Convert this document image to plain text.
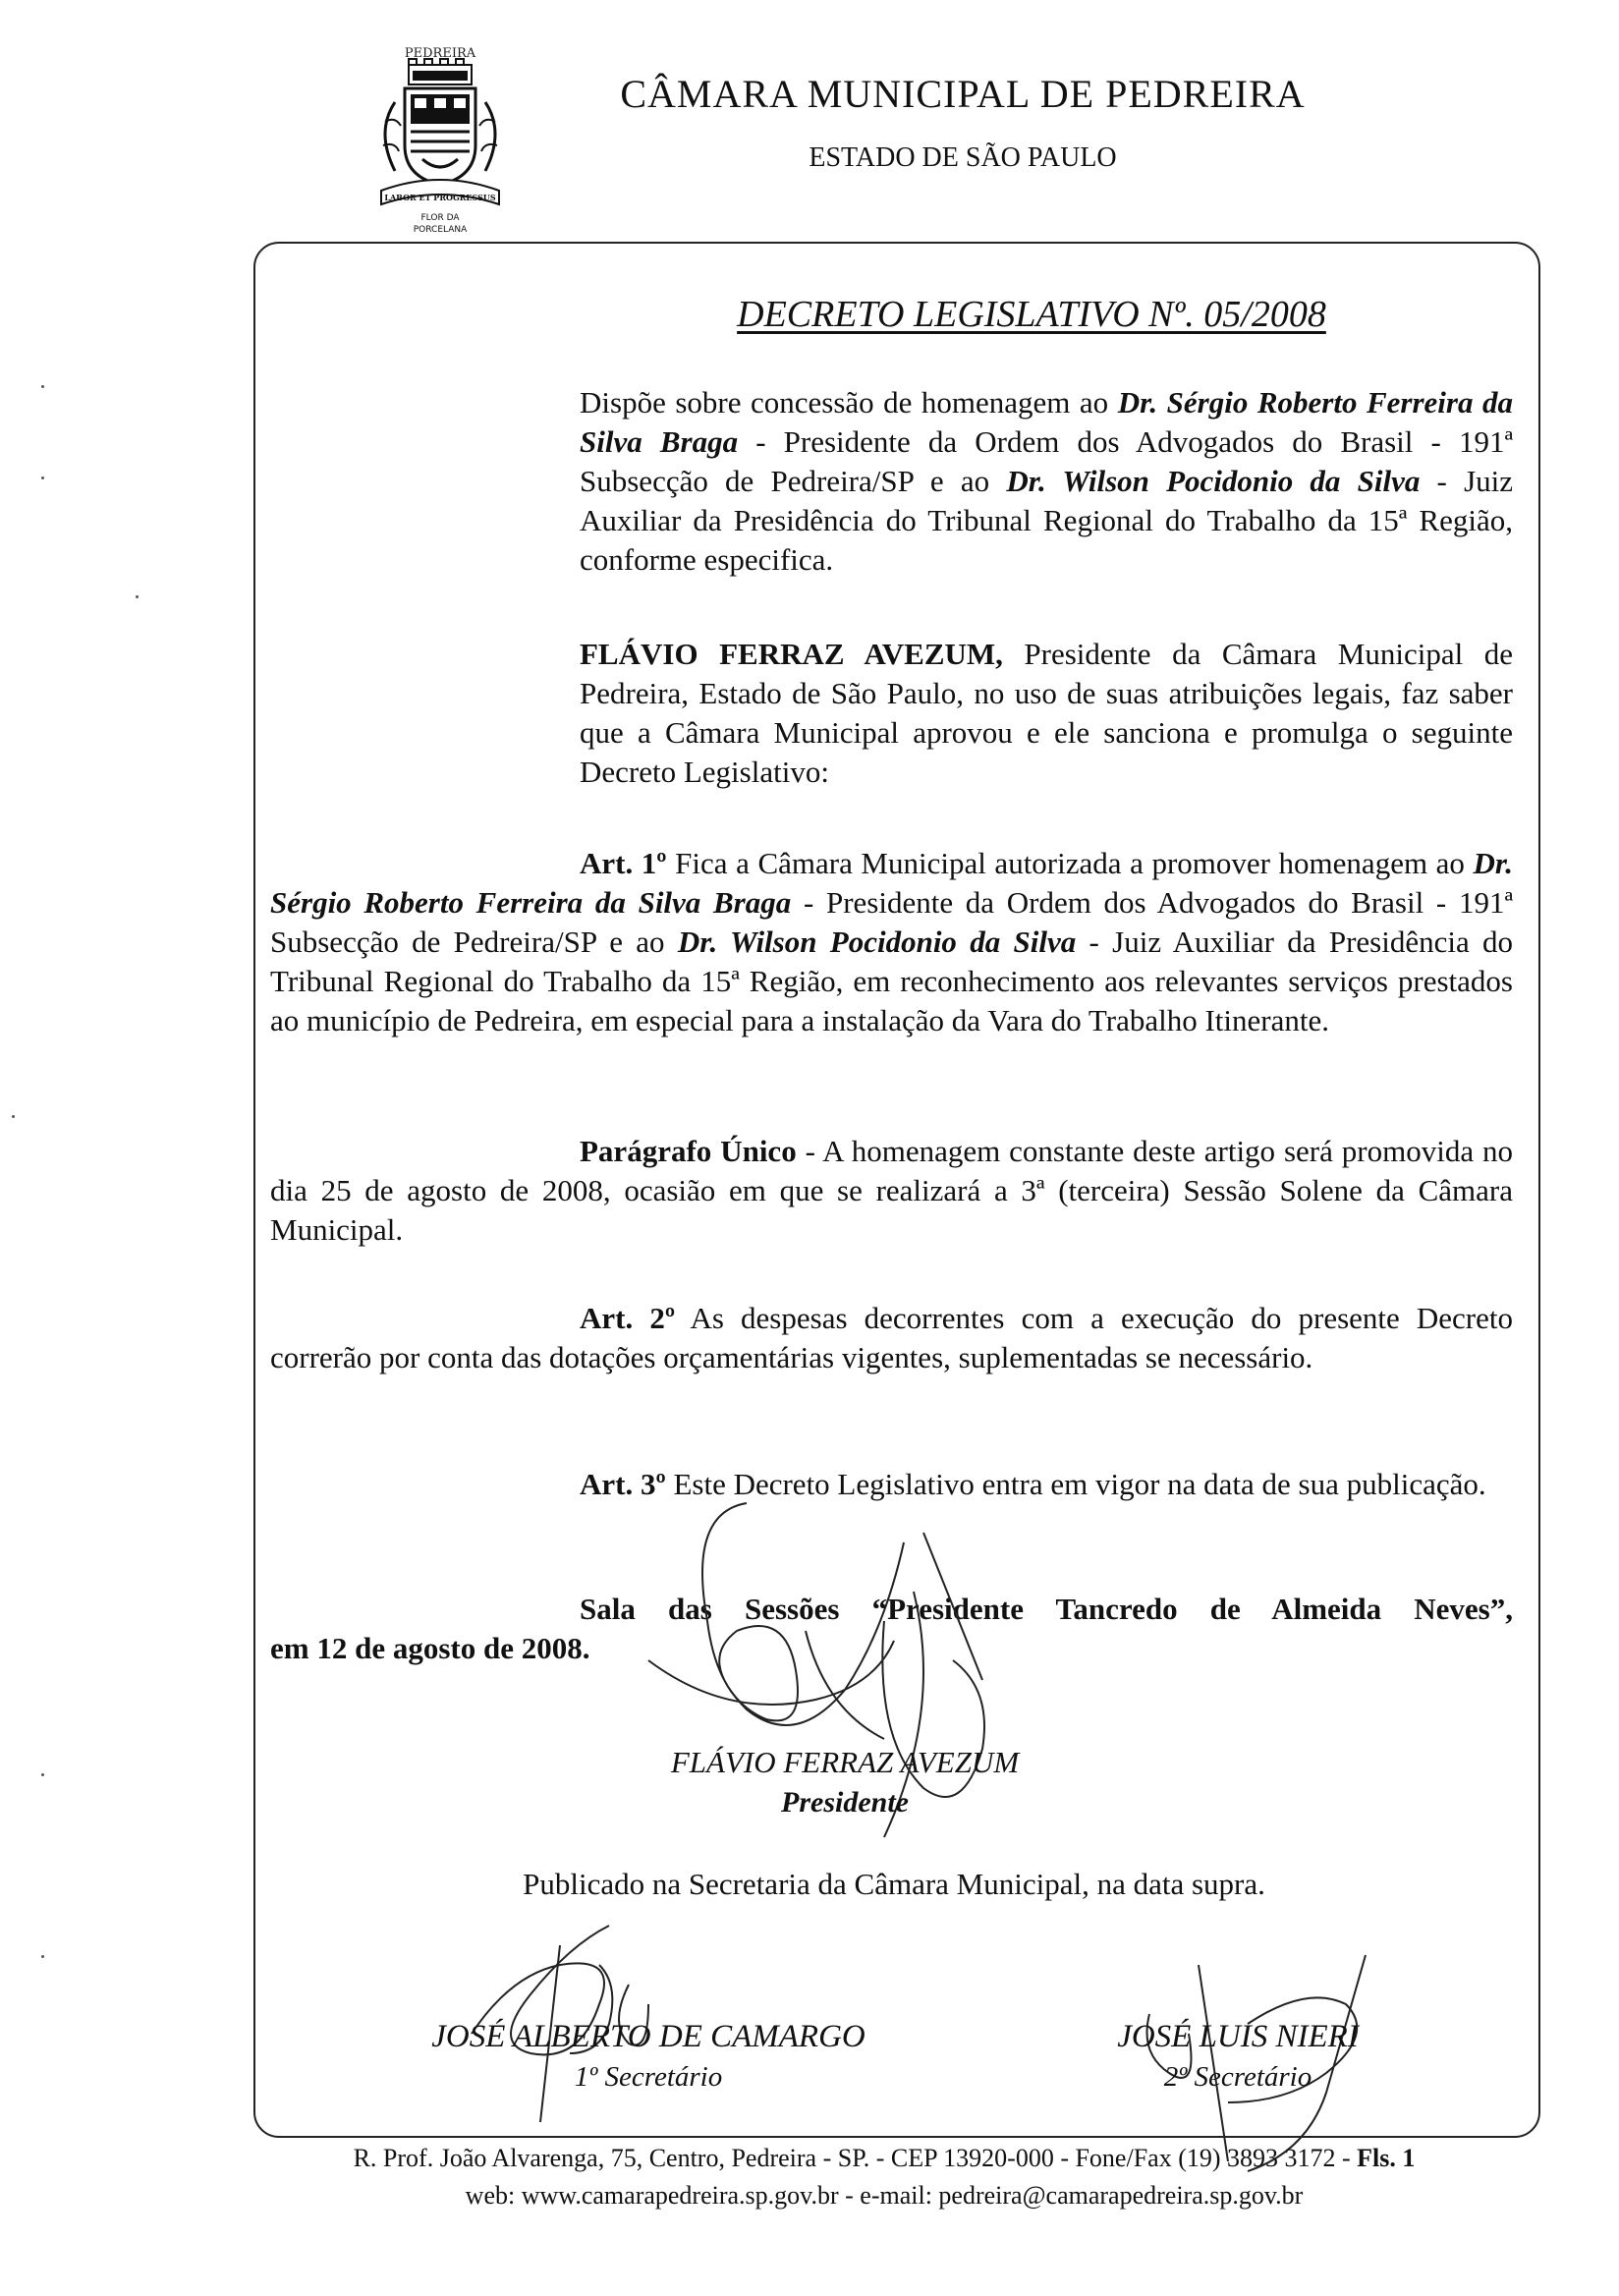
PEDREIRA
LABOR ET PROGRESSUS
FLOR DA
PORCELANA
CÂMARA MUNICIPAL DE PEDREIRA
ESTADO DE SÃO PAULO
DECRETO LEGISLATIVO Nº. 05/2008
Dispõe sobre concessão de homenagem ao Dr. Sérgio Roberto Ferreira da Silva Braga - Presidente da Ordem dos Advogados do Brasil - 191ª Subsecção de Pedreira/SP e ao Dr. Wilson Pocidonio da Silva - Juiz Auxiliar da Presidência do Tribunal Regional do Trabalho da 15ª Região, conforme especifica.
FLÁVIO FERRAZ AVEZUM, Presidente da Câmara Municipal de Pedreira, Estado de São Paulo, no uso de suas atribuições legais, faz saber que a Câmara Municipal aprovou e ele sanciona e promulga o seguinte Decreto Legislativo:
Art. 1º Fica a Câmara Municipal autorizada a promover homenagem ao Dr. Sérgio Roberto Ferreira da Silva Braga - Presidente da Ordem dos Advogados do Brasil - 191ª Subsecção de Pedreira/SP e ao Dr. Wilson Pocidonio da Silva - Juiz Auxiliar da Presidência do Tribunal Regional do Trabalho da 15ª Região, em reconhecimento aos relevantes serviços prestados ao município de Pedreira, em especial para a instalação da Vara do Trabalho Itinerante.
Parágrafo Único - A homenagem constante deste artigo será promovida no dia 25 de agosto de 2008, ocasião em que se realizará a 3ª (terceira) Sessão Solene da Câmara Municipal.
Art. 2º As despesas decorrentes com a execução do presente Decreto correrão por conta das dotações orçamentárias vigentes, suplementadas se necessário.
Art. 3º Este Decreto Legislativo entra em vigor na data de sua publicação.
Sala das Sessões “Presidente Tancredo de Almeida Neves”,
em 12 de agosto de 2008.
FLÁVIO FERRAZ AVEZUM
Presidente
Publicado na Secretaria da Câmara Municipal, na data supra.
JOSÉ ALBERTO DE CAMARGO
1º Secretário
JOSÉ LUIS NIERI
2º Secretário
R. Prof. João Alvarenga, 75, Centro, Pedreira - SP. - CEP 13920-000 - Fone/Fax (19) 3893 3172 - Fls. 1
web: www.camarapedreira.sp.gov.br - e-mail: pedreira@camarapedreira.sp.gov.br
